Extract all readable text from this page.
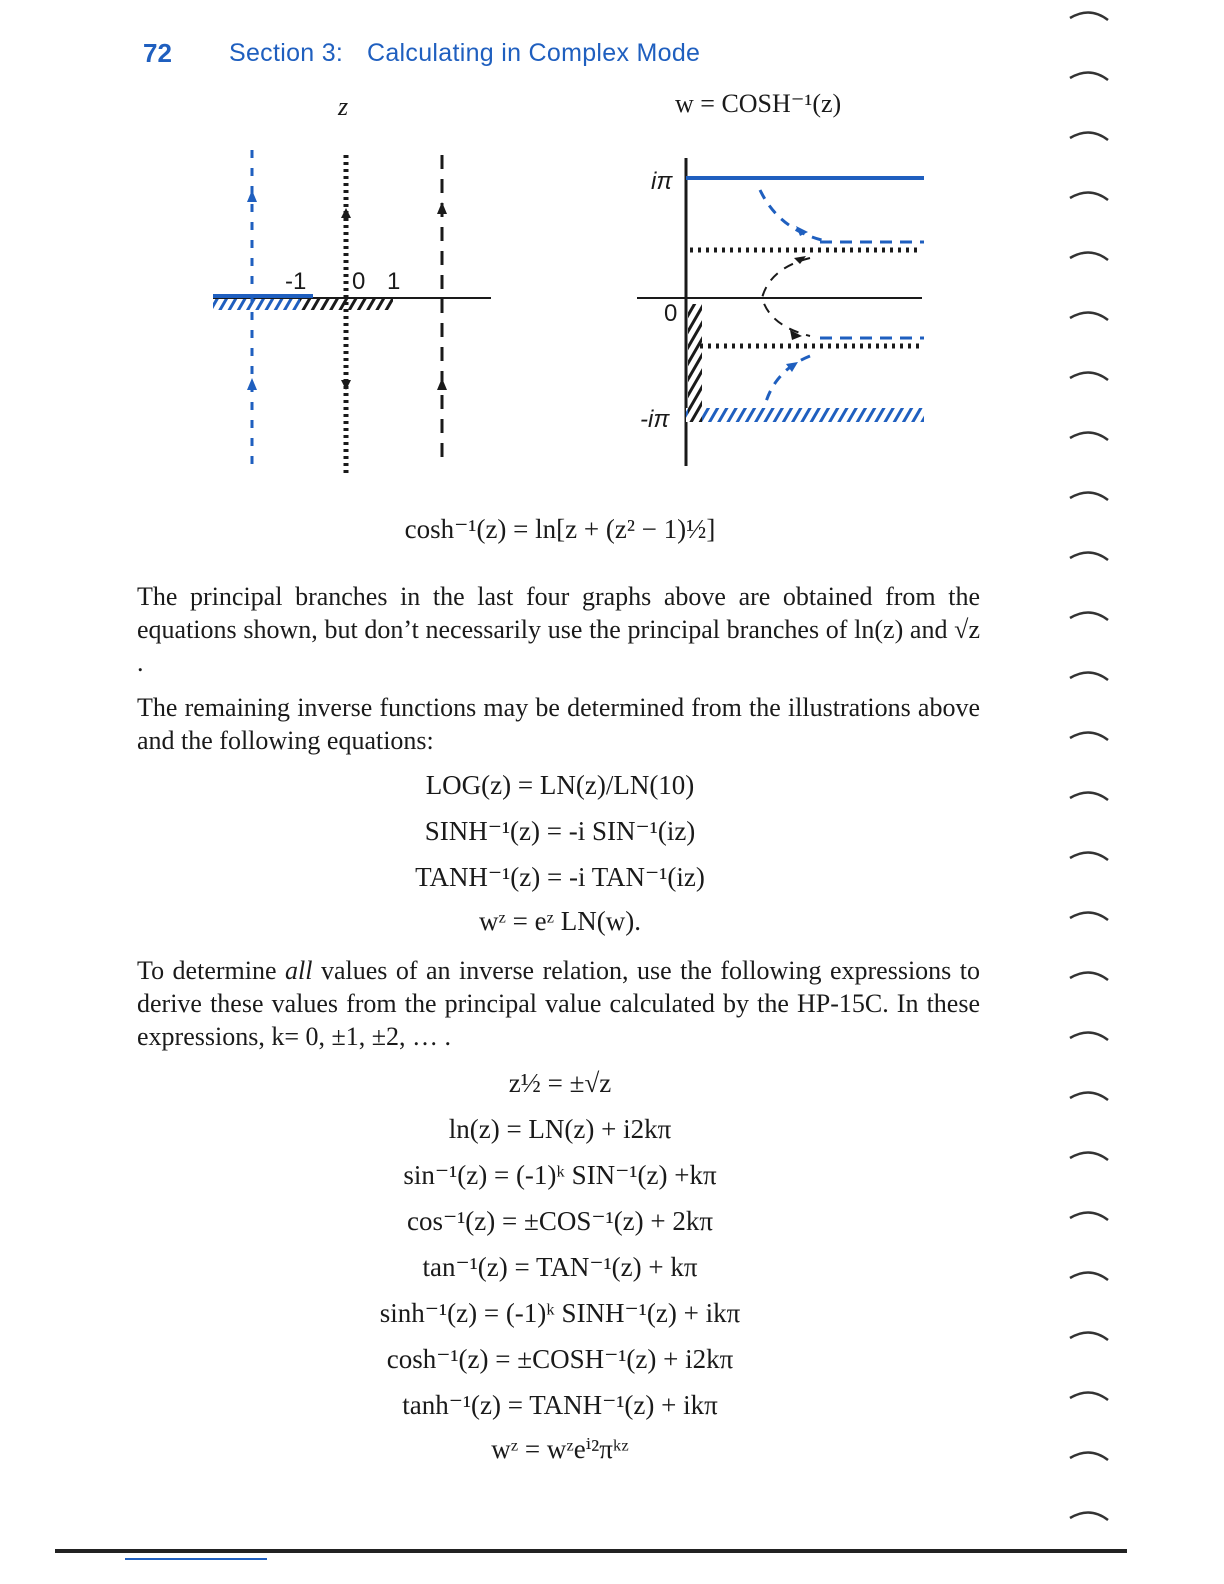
72 Section 3: Calculating in Complex Mode
z	w = COSH⁻¹(z)
-1 0 1
iπ
0
-iπ
cosh⁻¹(z) = ln[z + (z² − 1)½]
The principal branches in the last four graphs above are obtained from the equations shown, but don’t necessarily use the principal branches of ln(z) and √z .
The remaining inverse functions may be determined from the illustrations above and the following equations:
LOG(z) = LN(z)/LN(10)
SINH⁻¹(z) = -i SIN⁻¹(iz)
TANH⁻¹(z) = -i TAN⁻¹(iz)
wᶻ = eᶻ LN(w).
To determine all values of an inverse relation, use the following expressions to derive these values from the principal value calculated by the HP-15C. In these expressions, k= 0, ±1, ±2, … .
z½ = ±√z
ln(z) = LN(z) + i2kπ
sin⁻¹(z) = (-1)ᵏ SIN⁻¹(z) +kπ
cos⁻¹(z) = ±COS⁻¹(z) + 2kπ
tan⁻¹(z) = TAN⁻¹(z) + kπ
sinh⁻¹(z) = (-1)ᵏ SINH⁻¹(z) + ikπ
cosh⁻¹(z) = ±COSH⁻¹(z) + i2kπ
tanh⁻¹(z) = TANH⁻¹(z) + ikπ
wᶻ = wᶻeⁱ²πᵏᶻ
